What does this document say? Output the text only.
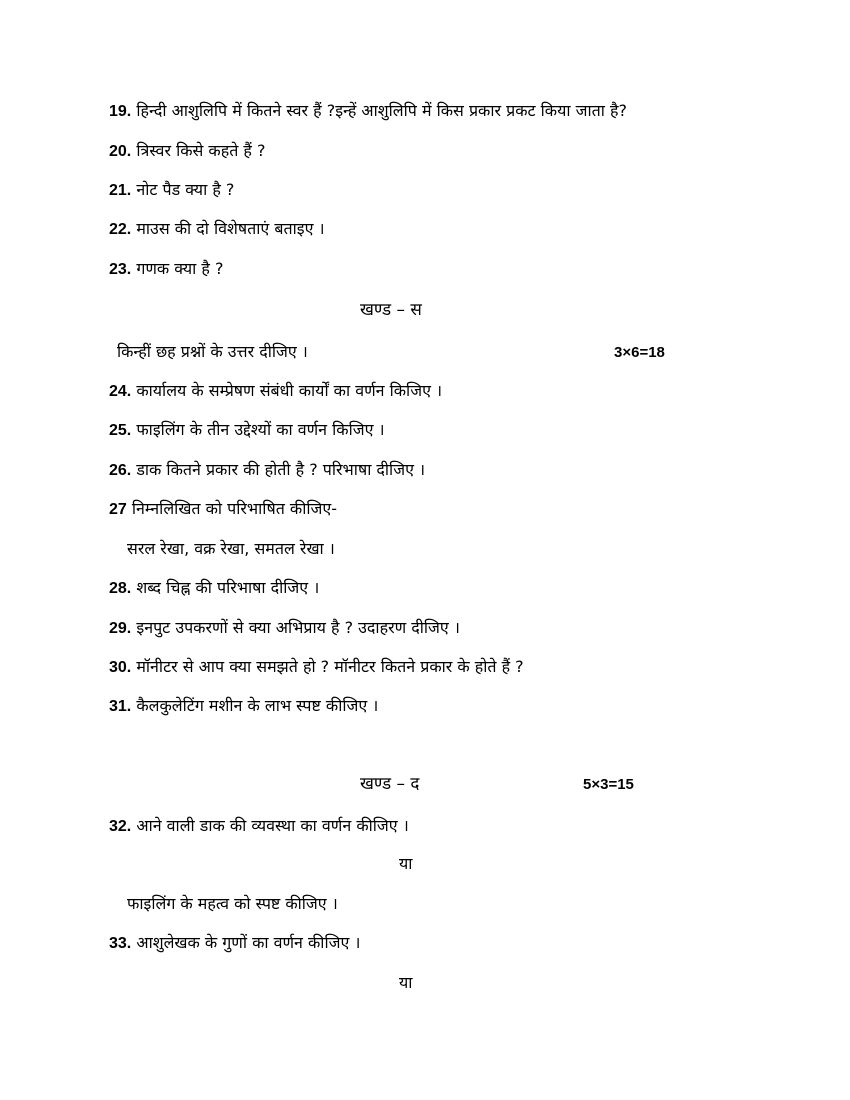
19. हिन्दी आशुलिपि में कितने स्वर हैं ?इन्हें आशुलिपि में किस प्रकार प्रकट किया जाता है?
20. त्रिस्वर किसे कहते हैं ?
21. नोट पैड क्या है ?
22. माउस की दो विशेषताएं बताइए ।
23. गणक क्या है ?
खण्ड – स
किन्हीं छह प्रश्नों के उत्तर दीजिए ।	3×6=18
24. कार्यालय के सम्प्रेषण संबंधी कार्यों का वर्णन किजिए ।
25. फाइलिंग के तीन उद्देश्यों का वर्णन किजिए ।
26. डाक कितने प्रकार की होती है ? परिभाषा दीजिए ।
27 निम्नलिखित को परिभाषित कीजिए-
सरल रेखा, वक्र रेखा, समतल रेखा ।
28. शब्द चिह्न की परिभाषा दीजिए ।
29. इनपुट उपकरणों से क्या अभिप्राय है ? उदाहरण दीजिए ।
30. मॉनीटर से आप क्या समझते हो ? मॉनीटर कितने प्रकार के होते हैं ?
31. कैलकुलेटिंग मशीन के लाभ स्पष्ट कीजिए ।
खण्ड – द	5×3=15
32. आने वाली डाक की व्यवस्था का वर्णन कीजिए ।
या
फाइलिंग के महत्व को स्पष्ट कीजिए ।
33. आशुलेखक के गुणों का वर्णन कीजिए ।
या
